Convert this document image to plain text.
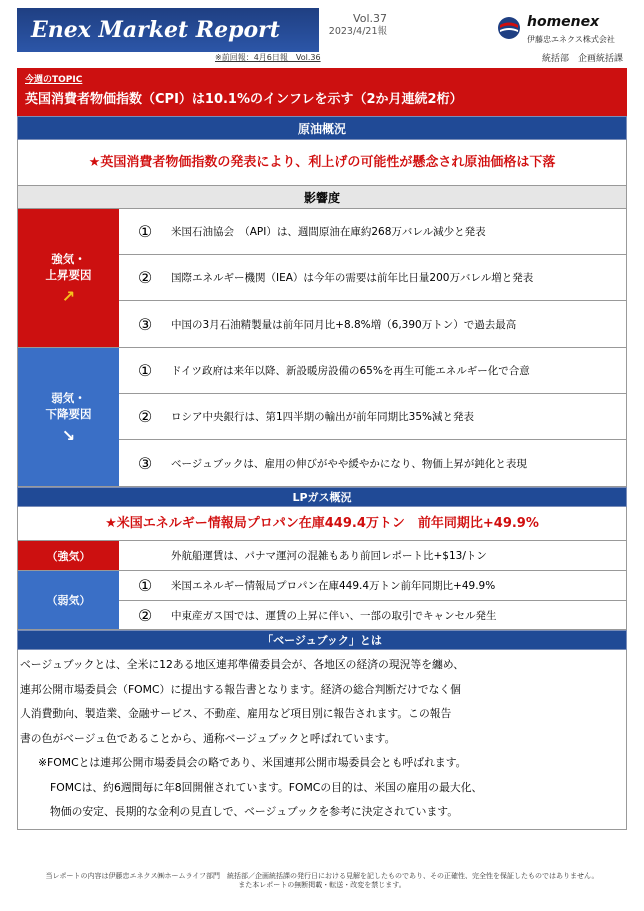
Enex Market Report	Vol.37
2023/4/21報
homenex
伊藤忠エネクス株式会社
※前回報：4月6日報　Vol.36	統括部　企画統括課
今週のTOPIC
英国消費者物価指数（CPI）は10.1%のインフレを示す（2か月連続2桁）
原油概況
★英国消費者物価指数の発表により、利上げの可能性が懸念され原油価格は下落
影響度
強気・
上昇要因
↗
①	米国石油協会　（API）は、週間原油在庫約268万バレル減少と発表
②	国際エネルギー機関（IEA）は今年の需要は前年比日量200万バレル増と発表
③	中国の3月石油精製量は前年同月比+8.8%増（6,390万トン）で過去最高
弱気・
下降要因
↘
①	ドイツ政府は来年以降、新設暖房設備の65%を再生可能エネルギー化で合意
②	ロシア中央銀行は、第1四半期の輸出が前年同期比35%減と発表
③	ベージュブックは、雇用の伸びがやや緩やかになり、物価上昇が鈍化と表現
LPガス概況
★米国エネルギー情報局プロパン在庫449.4万トン　前年同期比+49.9%
（強気）	外航船運賃は、パナマ運河の混雑もあり前回レポート比+$13/トン
（弱気）
①	米国エネルギー情報局プロパン在庫449.4万トン前年同期比+49.9%
②	中東産ガス国では、運賃の上昇に伴い、一部の取引でキャンセル発生
「ベージュブック」とは
ベージュブックとは、全米に12ある地区連邦準備委員会が、各地区の経済の現況等を纏め、
連邦公開市場委員会（FOMC）に提出する報告書となります。経済の総合判断だけでなく個
人消費動向、製造業、金融サービス、不動産、雇用など項目別に報告されます。この報告
書の色がベージュ色であることから、通称ベージュブックと呼ばれています。
※FOMCとは連邦公開市場委員会の略であり、米国連邦公開市場委員会とも呼ばれます。
FOMCは、約6週間毎に年8回開催されています。FOMCの目的は、米国の雇用の最大化、
物価の安定、長期的な金利の見直しで、ベージュブックを参考に決定されています。
当レポートの内容は伊藤忠エネクス㈱ホームライフ部門　統括部／企画統括課の発行日における見解を記したものであり、その正確性、完全性を保証したものではありません。
また本レポートの無断掲載・転送・改変を禁じます。
